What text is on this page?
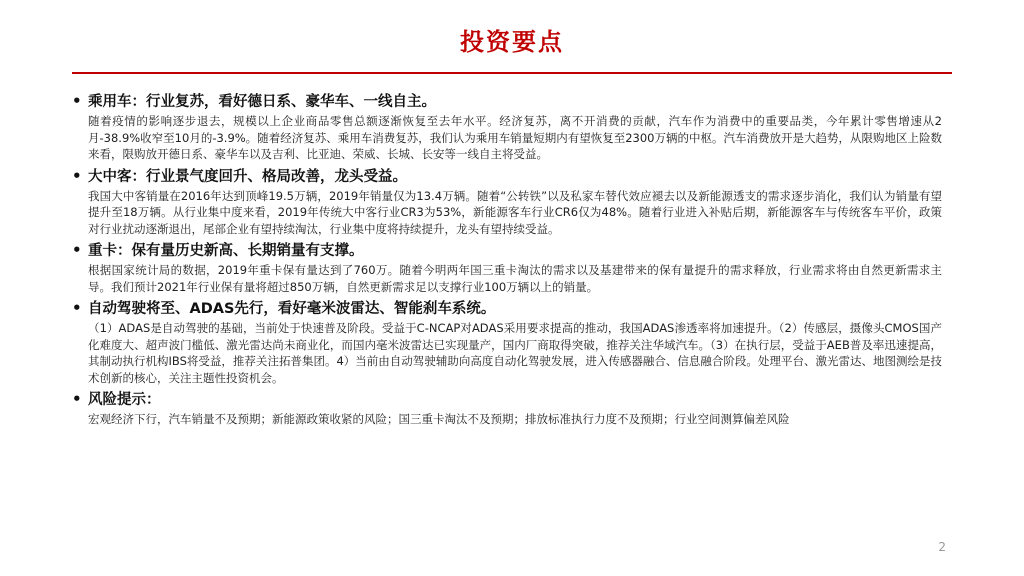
投资要点
• 乘用车：行业复苏，看好德日系、豪华车、一线自主。

随着疫情的影响逐步退去，规模以上企业商品零售总额逐渐恢复至去年水平。经济复苏，离不开消费的贡献，汽车作为消费中的重要品类，今年累计零售增速从2月-38.9%收窄至10月的-3.9%。随着经济复苏、乘用车消费复苏，我们认为乘用车销量短期内有望恢复至2300万辆的中枢。汽车消费放开是大趋势，从限购地区上险数来看，限购放开德日系、豪华车以及吉利、比亚迪、荣威、长城、长安等一线自主将受益。

• 大中客：行业景气度回升、格局改善，龙头受益。

我国大中客销量在2016年达到顶峰19.5万辆，2019年销量仅为13.4万辆。随着“公转铁”以及私家车替代效应褪去以及新能源透支的需求逐步消化，我们认为销量有望提升至18万辆。从行业集中度来看，2019年传统大中客行业CR3为53%，新能源客车行业CR6仅为48%。随着行业进入补贴后期，新能源客车与传统客车平价，政策对行业扰动逐渐退出，尾部企业有望持续淘汰，行业集中度将持续提升，龙头有望持续受益。

• 重卡：保有量历史新高、长期销量有支撑。

根据国家统计局的数据，2019年重卡保有量达到了760万。随着今明两年国三重卡淘汰的需求以及基建带来的保有量提升的需求释放，行业需求将由自然更新需求主导。我们预计2021年行业保有量将超过850万辆，自然更新需求足以支撑行业100万辆以上的销量。

• 自动驾驶将至、ADAS先行，看好毫米波雷达、智能刹车系统。

（1）ADAS是自动驾驶的基础，当前处于快速普及阶段。受益于C-NCAP对ADAS采用要求提高的推动，我国ADAS渗透率将加速提升。（2）传感层，摄像头CMOS国产化难度大、超声波门槛低、激光雷达尚未商业化，而国内毫米波雷达已实现量产，国内厂商取得突破，推荐关注华域汽车。（3）在执行层，受益于AEB普及率迅速提高，其制动执行机构IBS将受益，推荐关注拓普集团。4）当前由自动驾驶辅助向高度自动化驾驶发展，进入传感器融合、信息融合阶段。处理平台、激光雷达、地图测绘是技术创新的核心，关注主题性投资机会。

• 风险提示：

宏观经济下行，汽车销量不及预期；新能源政策收紧的风险；国三重卡淘汰不及预期；排放标准执行力度不及预期；行业空间测算偏差风险

2
